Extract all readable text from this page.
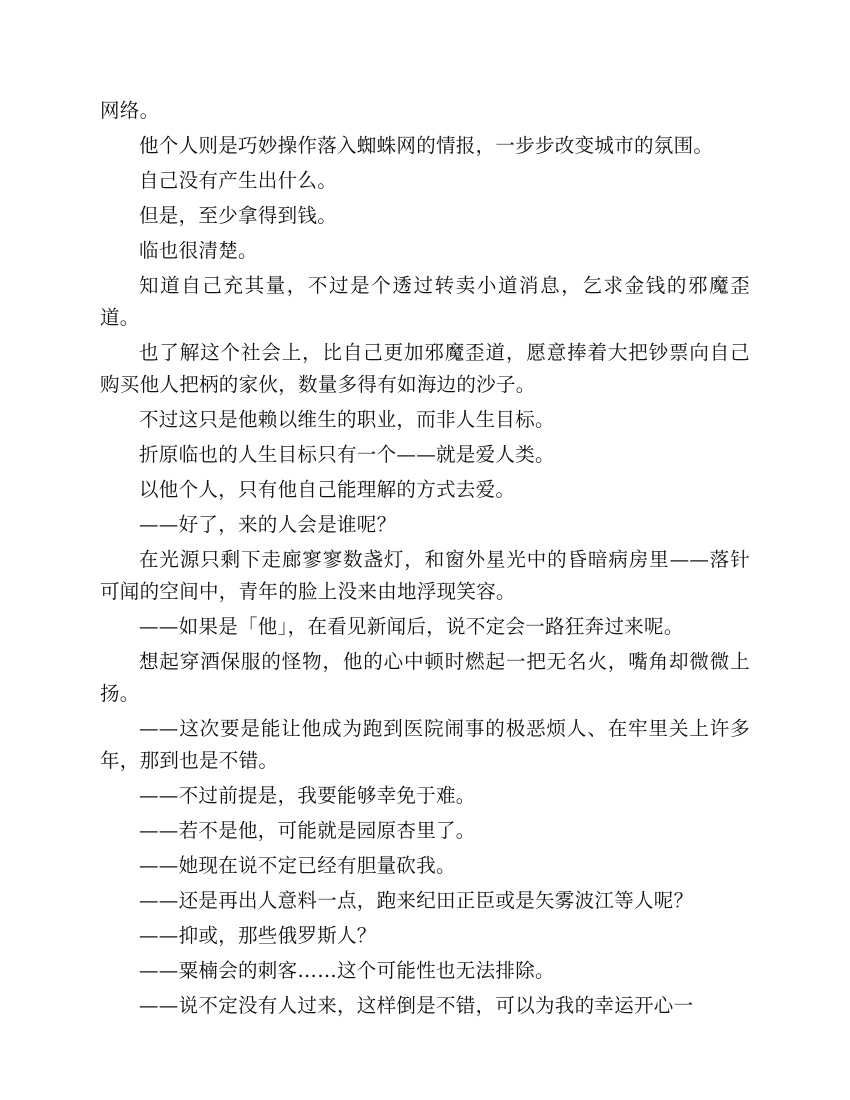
网络。

他个人则是巧妙操作落入蜘蛛网的情报，一步步改变城市的氛围。

自己没有产生出什么。

但是，至少拿得到钱。

临也很清楚。

知道自己充其量，不过是个透过转卖小道消息，乞求金钱的邪魔歪道。

也了解这个社会上，比自己更加邪魔歪道，愿意捧着大把钞票向自己购买他人把柄的家伙，数量多得有如海边的沙子。

不过这只是他赖以维生的职业，而非人生目标。

折原临也的人生目标只有一个——就是爱人类。

以他个人，只有他自己能理解的方式去爱。

——好了，来的人会是谁呢？

在光源只剩下走廊寥寥数盏灯，和窗外星光中的昏暗病房里——落针可闻的空间中，青年的脸上没来由地浮现笑容。

——如果是「他」，在看见新闻后，说不定会一路狂奔过来呢。

想起穿酒保服的怪物，他的心中顿时燃起一把无名火，嘴角却微微上扬。

——这次要是能让他成为跑到医院闹事的极恶烦人、在牢里关上许多年，那到也是不错。

——不过前提是，我要能够幸免于难。

——若不是他，可能就是园原杏里了。

——她现在说不定已经有胆量砍我。

——还是再出人意料一点，跑来纪田正臣或是矢雾波江等人呢？

——抑或，那些俄罗斯人？

——粟楠会的刺客……这个可能性也无法排除。

——说不定没有人过来，这样倒是不错，可以为我的幸运开心一
